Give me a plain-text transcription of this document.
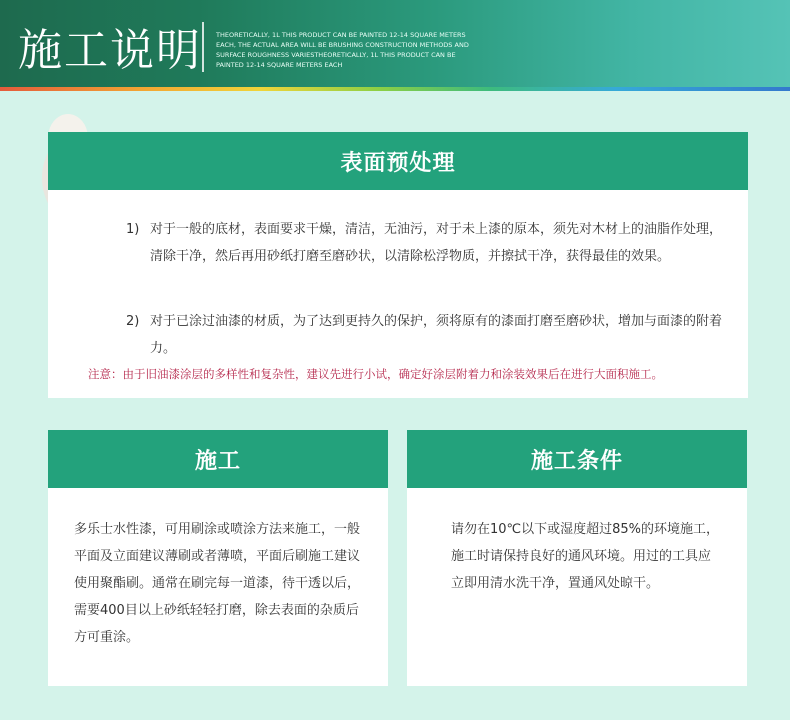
施工说明 THEORETICALLY, 1L THIS PRODUCT CAN BE PAINTED 12-14 SQUARE METERS EACH, THE ACTUAL AREA WILL BE BRUSHING CONSTRUCTION METHODS AND SURFACE ROUGHNESS VARIESTHEORETICALLY, 1L THIS PRODUCT CAN BE PAINTED 12-14 SQUARE METERS EACH
表面预处理
1) 对于一般的底材，表面要求干燥，清洁，无油污，对于未上漆的原本，须先对木材上的油脂作处理，清除干净，然后再用砂纸打磨至磨砂状，以清除松浮物质，并擦拭干净，获得最佳的效果。
2) 对于已涂过油漆的材质，为了达到更持久的保护，须将原有的漆面打磨至磨砂状，增加与面漆的附着力。
注意：由于旧油漆涂层的多样性和复杂性，建议先进行小试，确定好涂层附着力和涂装效果后在进行大面积施工。
施工
多乐士水性漆，可用刷涂或喷涂方法来施工，一般平面及立面建议薄刷或者薄喷，平面后刷施工建议使用聚酯刷。通常在刷完每一道漆，待干透以后，需要400目以上砂纸轻轻打磨，除去表面的杂质后方可重涂。
施工条件
请勿在10℃以下或湿度超过85%的环境施工，施工时请保持良好的通风环境。用过的工具应立即用清水洗干净，置通风处晾干。
